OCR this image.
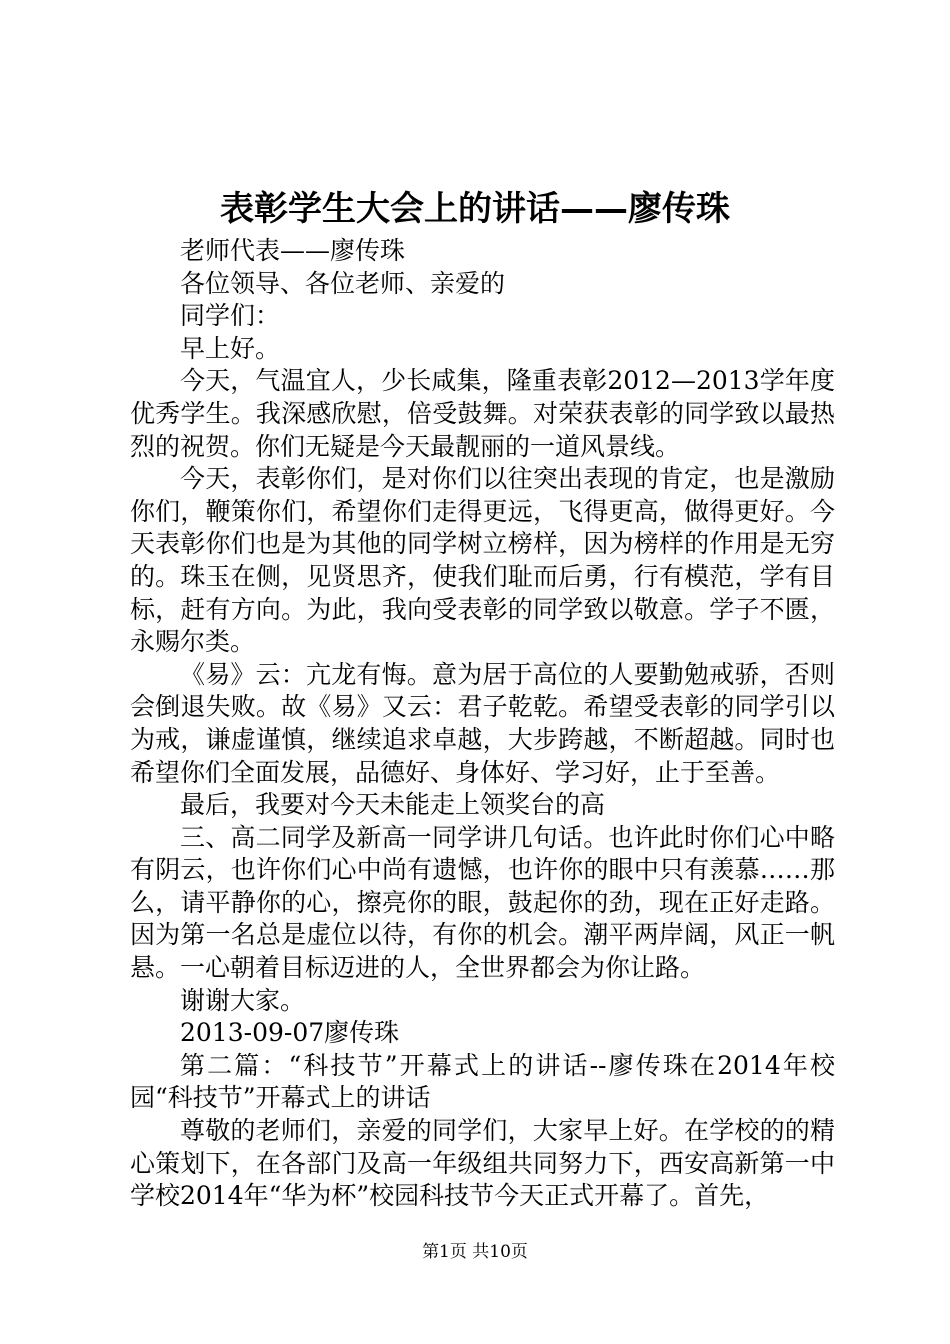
表彰学生大会上的讲话——廖传珠

老师代表——廖传珠

各位领导、各位老师、亲爱的

同学们：

早上好。

今天，气温宜人，少长咸集，隆重表彰2012—2013学年度优秀学生。我深感欣慰，倍受鼓舞。对荣获表彰的同学致以最热烈的祝贺。你们无疑是今天最靓丽的一道风景线。

今天，表彰你们，是对你们以往突出表现的肯定，也是激励你们，鞭策你们，希望你们走得更远，飞得更高，做得更好。今天表彰你们也是为其他的同学树立榜样，因为榜样的作用是无穷的。珠玉在侧，见贤思齐，使我们耻而后勇，行有模范，学有目标，赶有方向。为此，我向受表彰的同学致以敬意。学子不匮，永赐尔类。

《易》云：亢龙有悔。意为居于高位的人要勤勉戒骄，否则会倒退失败。故《易》又云：君子乾乾。希望受表彰的同学引以为戒，谦虚谨慎，继续追求卓越，大步跨越，不断超越。同时也希望你们全面发展，品德好、身体好、学习好，止于至善。

最后，我要对今天未能走上领奖台的高

三、高二同学及新高一同学讲几句话。也许此时你们心中略有阴云，也许你们心中尚有遗憾，也许你的眼中只有羡慕……那么，请平静你的心，擦亮你的眼，鼓起你的劲，现在正好走路。因为第一名总是虚位以待，有你的机会。潮平两岸阔，风正一帆悬。一心朝着目标迈进的人，全世界都会为你让路。

谢谢大家。

2013-09-07廖传珠

第二篇：“科技节”开幕式上的讲话--廖传珠在2014年校园“科技节”开幕式上的讲话

尊敬的老师们，亲爱的同学们，大家早上好。在学校的的精心策划下，在各部门及高一年级组共同努力下，西安高新第一中学校2014年“华为杯”校园科技节今天正式开幕了。首先，

第1页 共10页
